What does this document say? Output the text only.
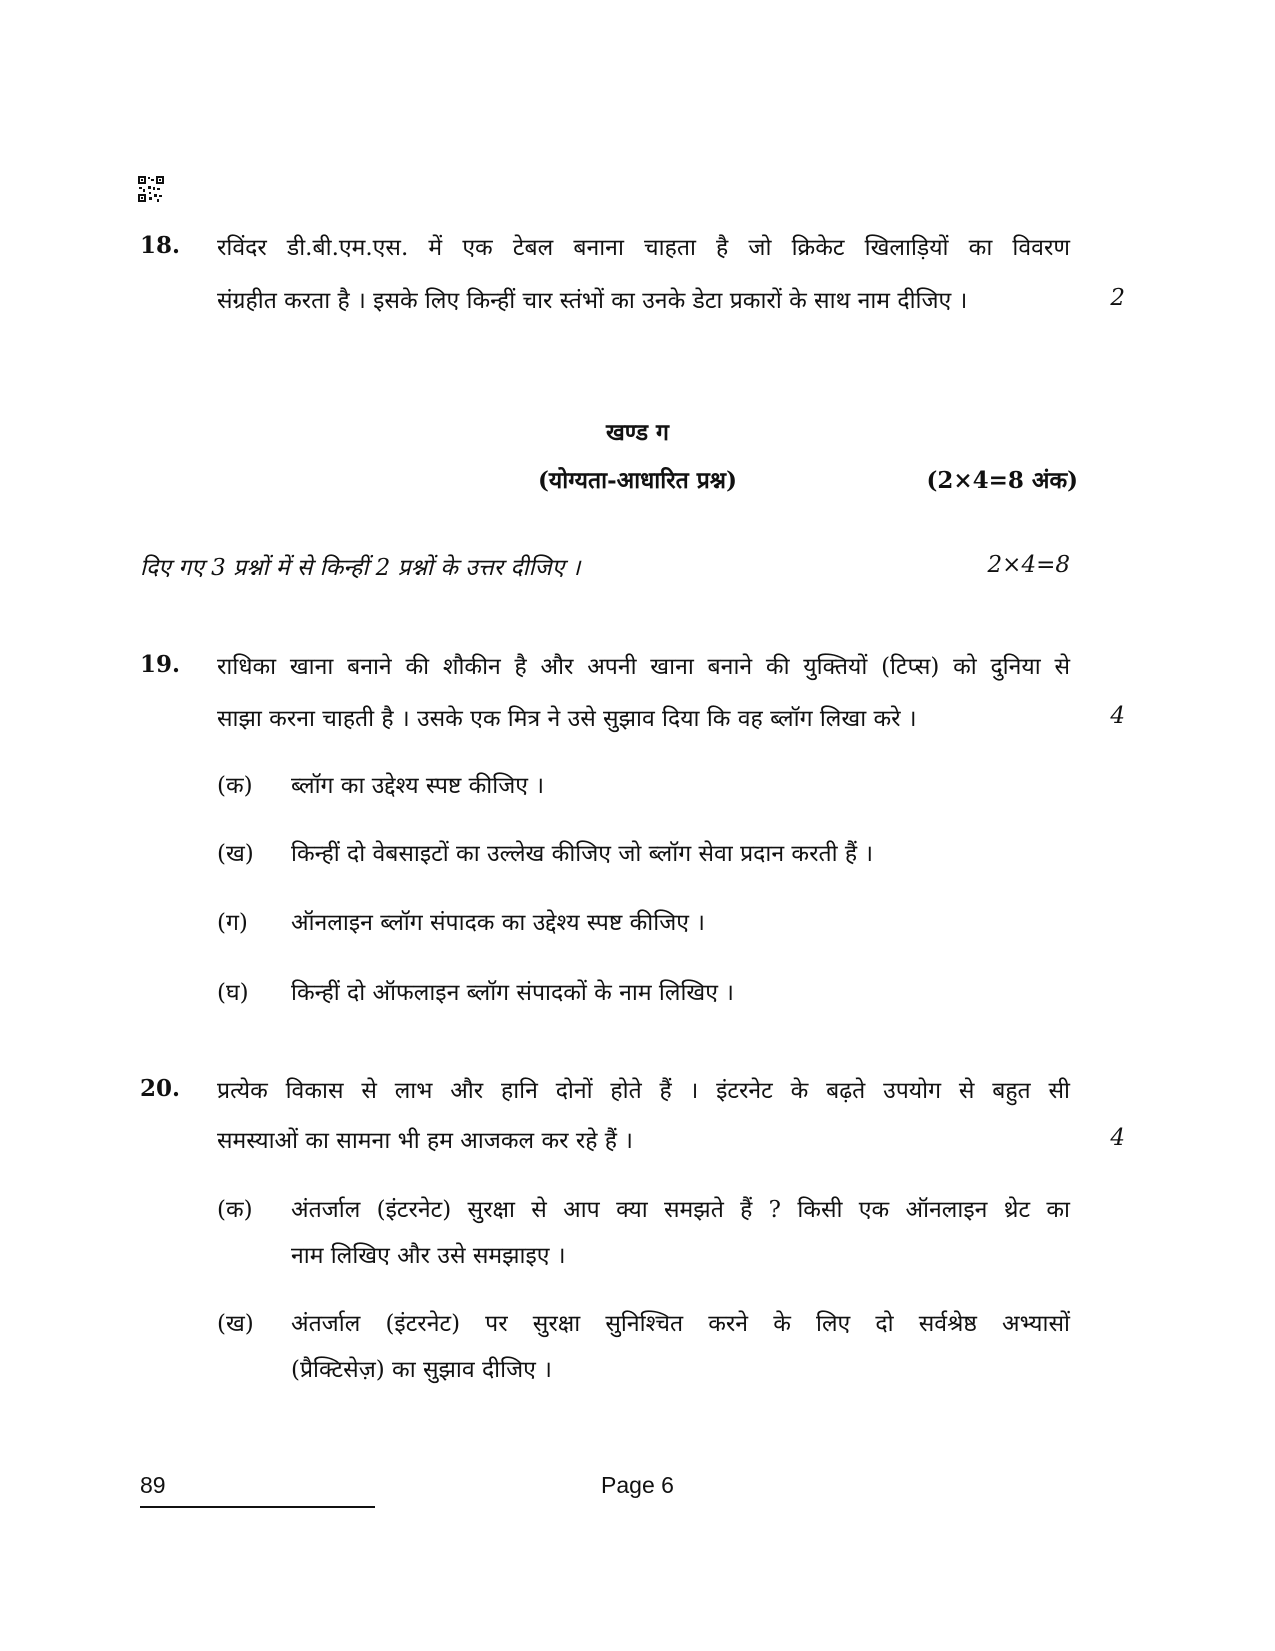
18. रविंदर डी.बी.एम.एस. में एक टेबल बनाना चाहता है जो क्रिकेट खिलाड़ियों का विवरण
संग्रहीत करता है । इसके लिए किन्हीं चार स्तंभों का उनके डेटा प्रकारों के साथ नाम दीजिए ।	2
खण्ड ग
(योग्यता-आधारित प्रश्न)	(2×4=8 अंक)
दिए गए 3 प्रश्नों में से किन्हीं 2 प्रश्नों के उत्तर दीजिए ।	2×4=8
19. राधिका खाना बनाने की शौकीन है और अपनी खाना बनाने की युक्तियों (टिप्स) को दुनिया से
साझा करना चाहती है । उसके एक मित्र ने उसे सुझाव दिया कि वह ब्लॉग लिखा करे ।	4
(क) ब्लॉग का उद्देश्य स्पष्ट कीजिए ।
(ख) किन्हीं दो वेबसाइटों का उल्लेख कीजिए जो ब्लॉग सेवा प्रदान करती हैं ।
(ग) ऑनलाइन ब्लॉग संपादक का उद्देश्य स्पष्ट कीजिए ।
(घ) किन्हीं दो ऑफलाइन ब्लॉग संपादकों के नाम लिखिए ।
20. प्रत्येक विकास से लाभ और हानि दोनों होते हैं । इंटरनेट के बढ़ते उपयोग से बहुत सी
समस्याओं का सामना भी हम आजकल कर रहे हैं ।	4
(क) अंतर्जाल (इंटरनेट) सुरक्षा से आप क्या समझते हैं ? किसी एक ऑनलाइन थ्रेट का
नाम लिखिए और उसे समझाइए ।
(ख) अंतर्जाल (इंटरनेट) पर सुरक्षा सुनिश्चित करने के लिए दो सर्वश्रेष्ठ अभ्यासों
(प्रैक्टिसेज़) का सुझाव दीजिए ।
89	Page 6
